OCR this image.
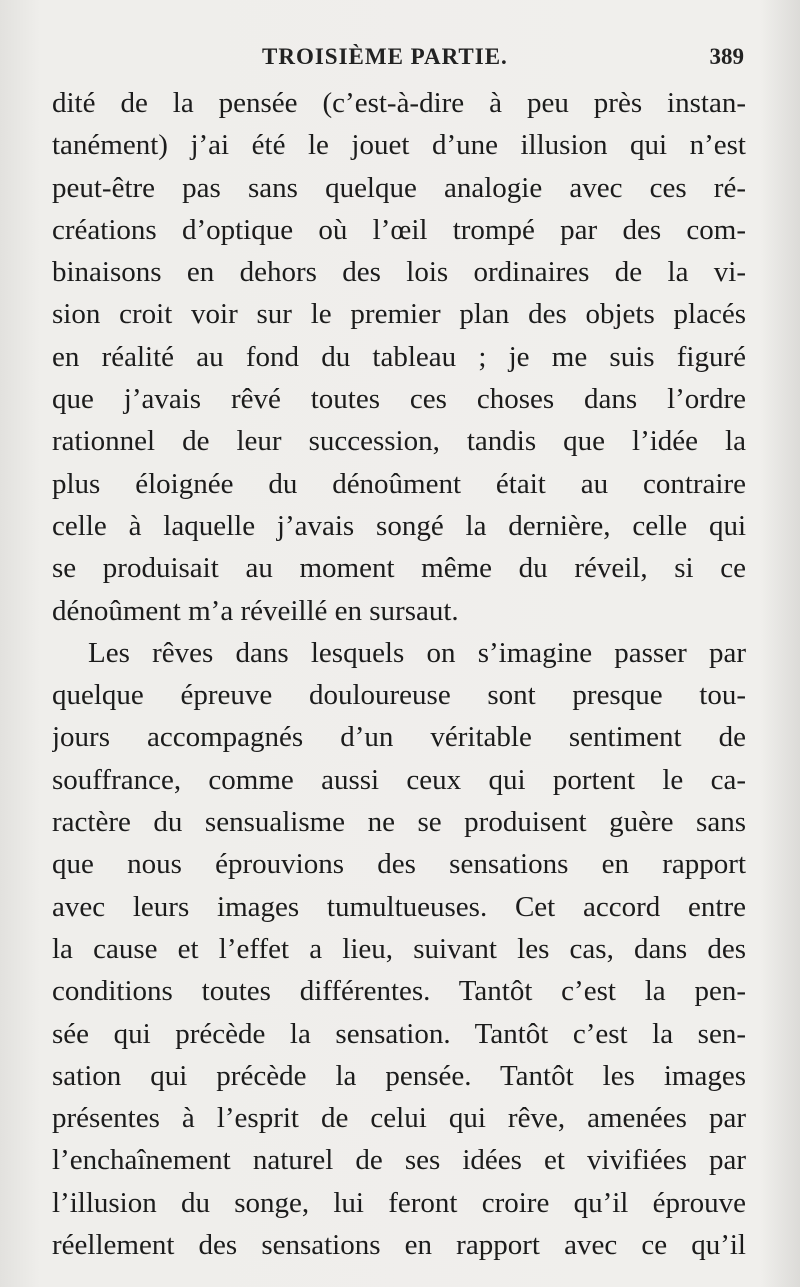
TROISIÈME PARTIE.	389
dité de la pensée (c’est-à-dire à peu près instan-
tanément) j’ai été le jouet d’une illusion qui n’est
peut-être pas sans quelque analogie avec ces ré-
créations d’optique où l’œil trompé par des com-
binaisons en dehors des lois ordinaires de la vi-
sion croit voir sur le premier plan des objets placés
en réalité au fond du tableau ; je me suis figuré
que j’avais rêvé toutes ces choses dans l’ordre
rationnel de leur succession, tandis que l’idée la
plus éloignée du dénoûment était au contraire
celle à laquelle j’avais songé la dernière, celle qui
se produisait au moment même du réveil, si ce
dénoûment m’a réveillé en sursaut.
Les rêves dans lesquels on s’imagine passer par
quelque épreuve douloureuse sont presque tou-
jours accompagnés d’un véritable sentiment de
souffrance, comme aussi ceux qui portent le ca-
ractère du sensualisme ne se produisent guère sans
que nous éprouvions des sensations en rapport
avec leurs images tumultueuses. Cet accord entre
la cause et l’effet a lieu, suivant les cas, dans des
conditions toutes différentes. Tantôt c’est la pen-
sée qui précède la sensation. Tantôt c’est la sen-
sation qui précède la pensée. Tantôt les images
présentes à l’esprit de celui qui rêve, amenées par
l’enchaînement naturel de ses idées et vivifiées par
l’illusion du songe, lui feront croire qu’il éprouve
réellement des sensations en rapport avec ce qu’il
